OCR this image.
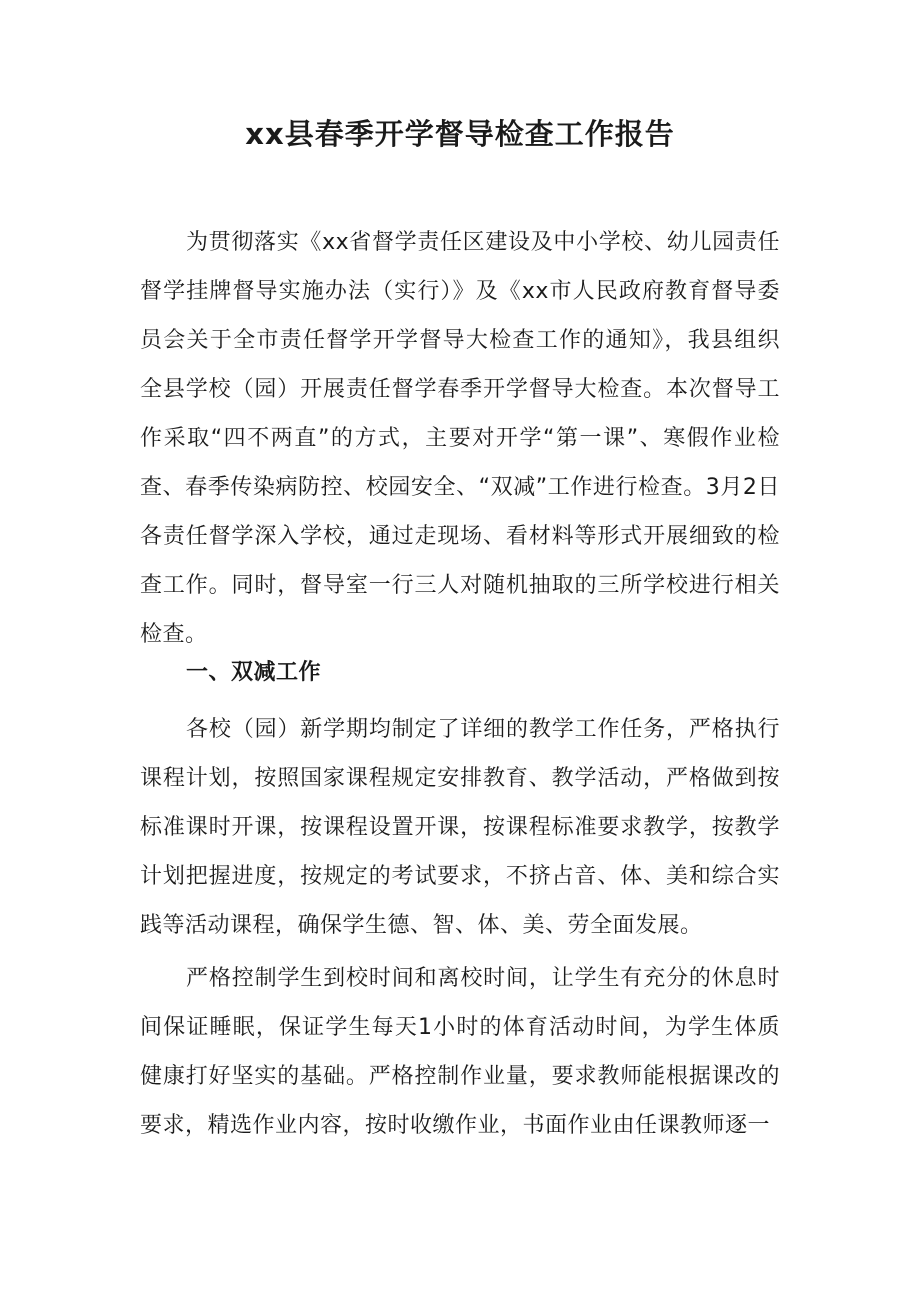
xx县春季开学督导检查工作报告

为贯彻落实《xx省督学责任区建设及中小学校、幼儿园责任督学挂牌督导实施办法（实行）》及《xx市人民政府教育督导委员会关于全市责任督学开学督导大检查工作的通知》，我县组织全县学校（园）开展责任督学春季开学督导大检查。本次督导工作采取“四不两直”的方式，主要对开学“第一课”、寒假作业检查、春季传染病防控、校园安全、“双减”工作进行检查。3月2日各责任督学深入学校，通过走现场、看材料等形式开展细致的检查工作。同时，督导室一行三人对随机抽取的三所学校进行相关检查。

一、双减工作

各校（园）新学期均制定了详细的教学工作任务，严格执行课程计划，按照国家课程规定安排教育、教学活动，严格做到按标准课时开课，按课程设置开课，按课程标准要求教学，按教学计划把握进度，按规定的考试要求，不挤占音、体、美和综合实践等活动课程，确保学生德、智、体、美、劳全面发展。

严格控制学生到校时间和离校时间，让学生有充分的休息时间保证睡眠，保证学生每天1小时的体育活动时间，为学生体质健康打好坚实的基础。严格控制作业量，要求教师能根据课改的要求，精选作业内容，按时收缴作业，书面作业由任课教师逐一
